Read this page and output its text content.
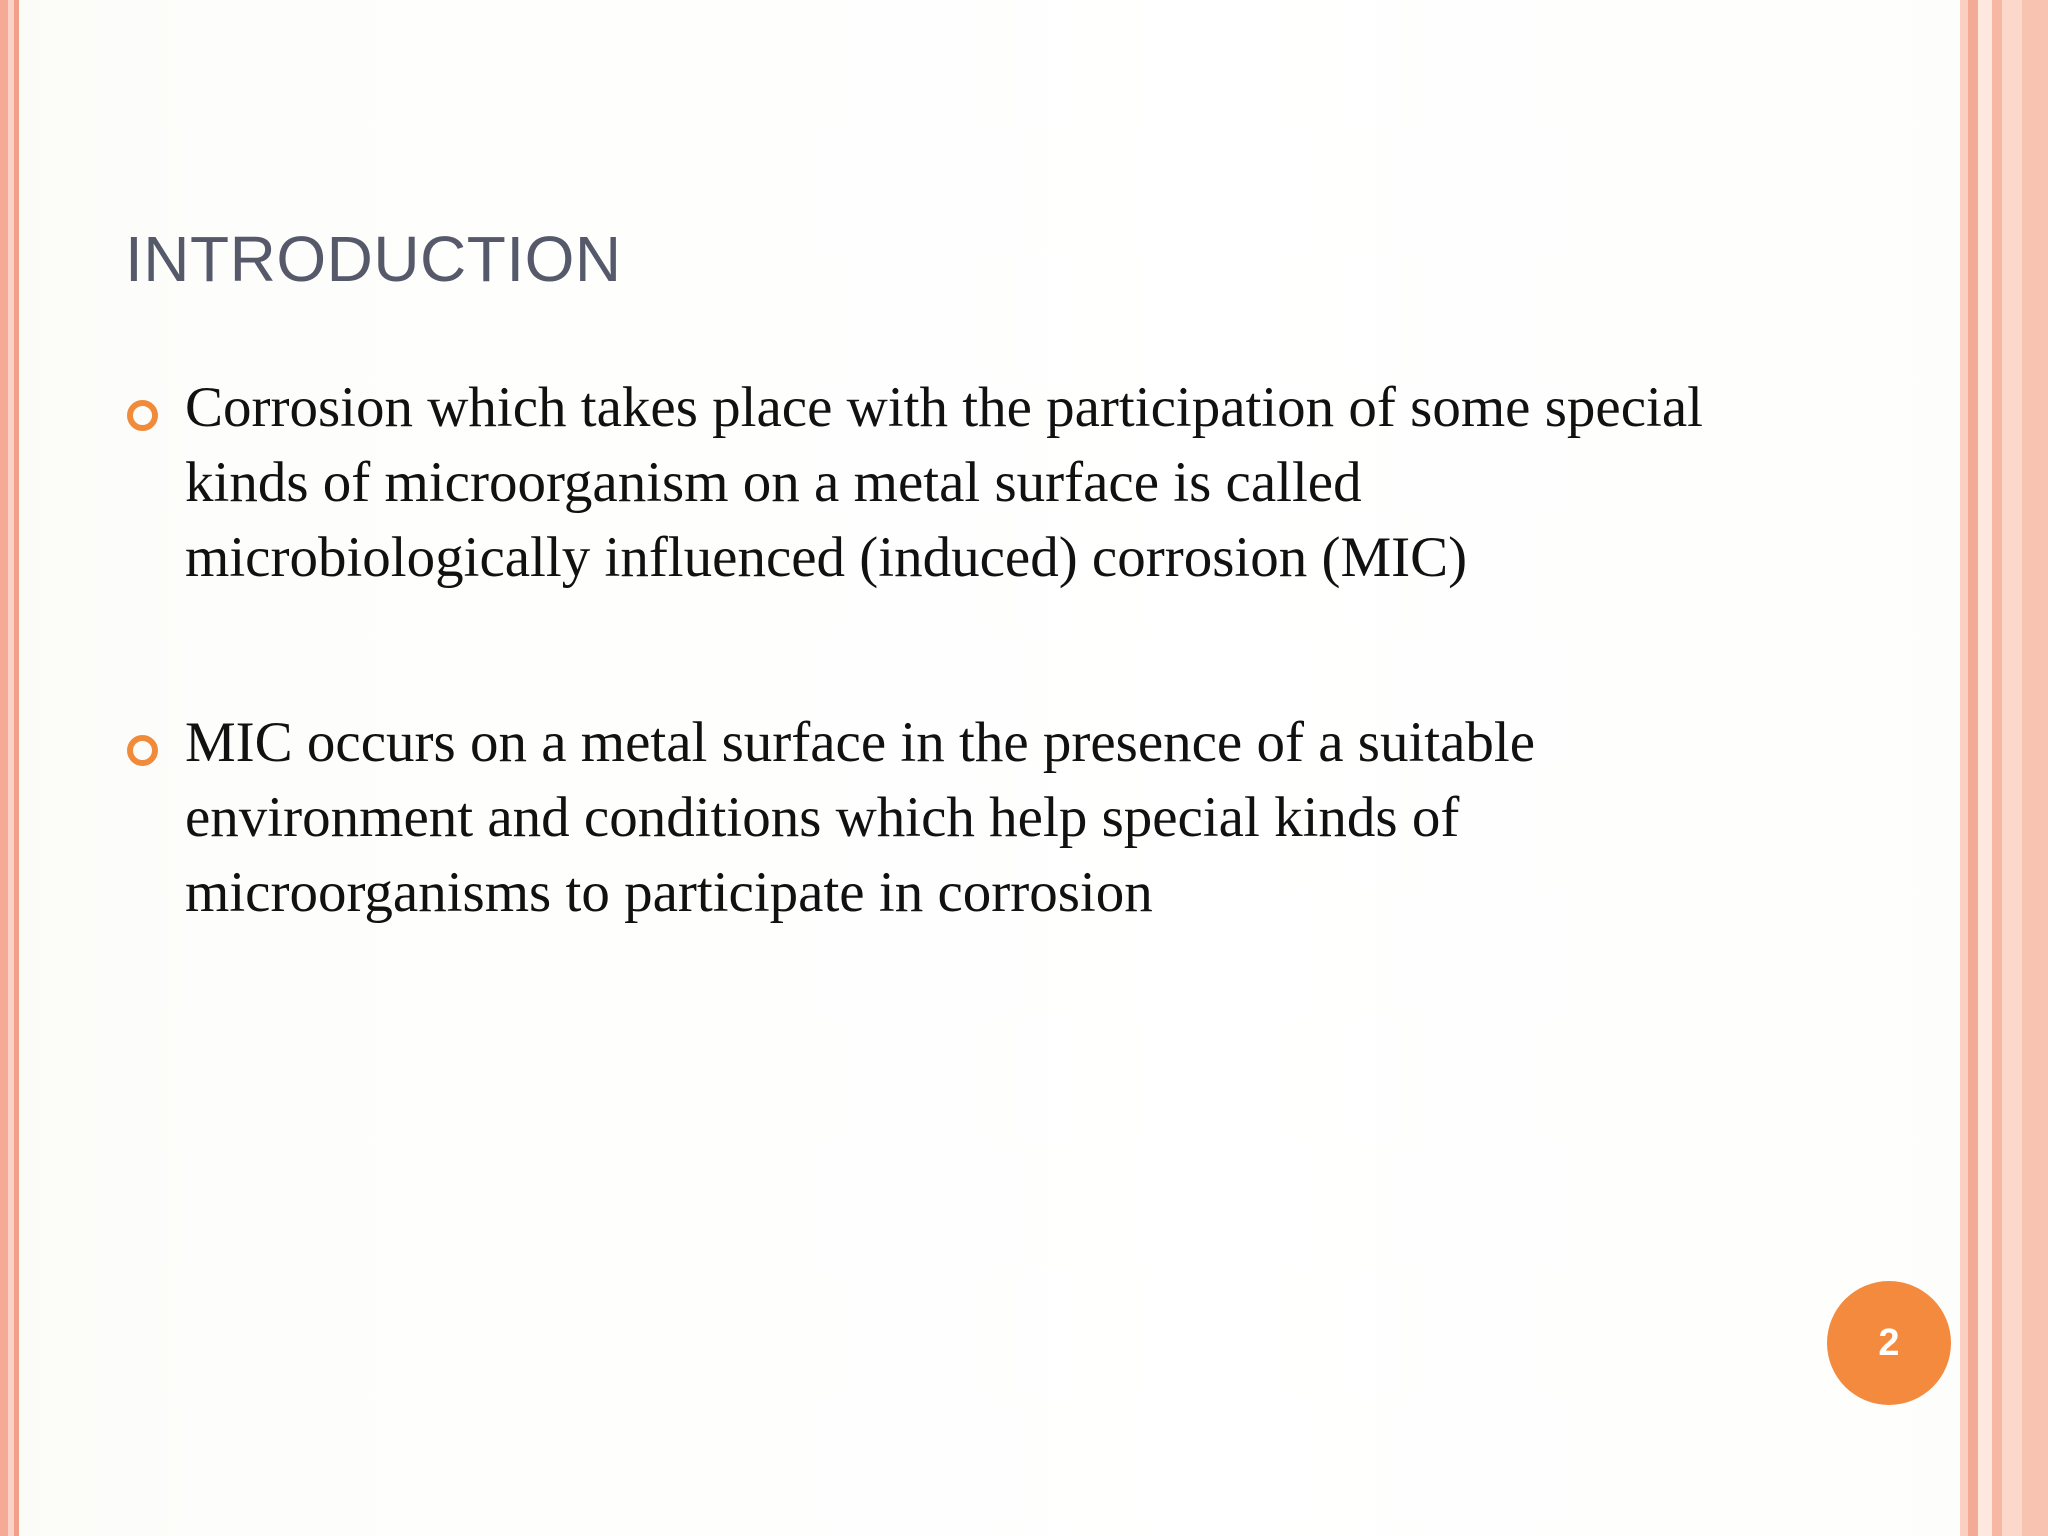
INTRODUCTION
Corrosion which takes place with the participation of some special kinds of microorganism on a metal surface is called microbiologically influenced (induced) corrosion (MIC)
MIC occurs on a metal surface in the presence of a suitable environment and conditions which help special kinds of microorganisms to participate in corrosion
2
